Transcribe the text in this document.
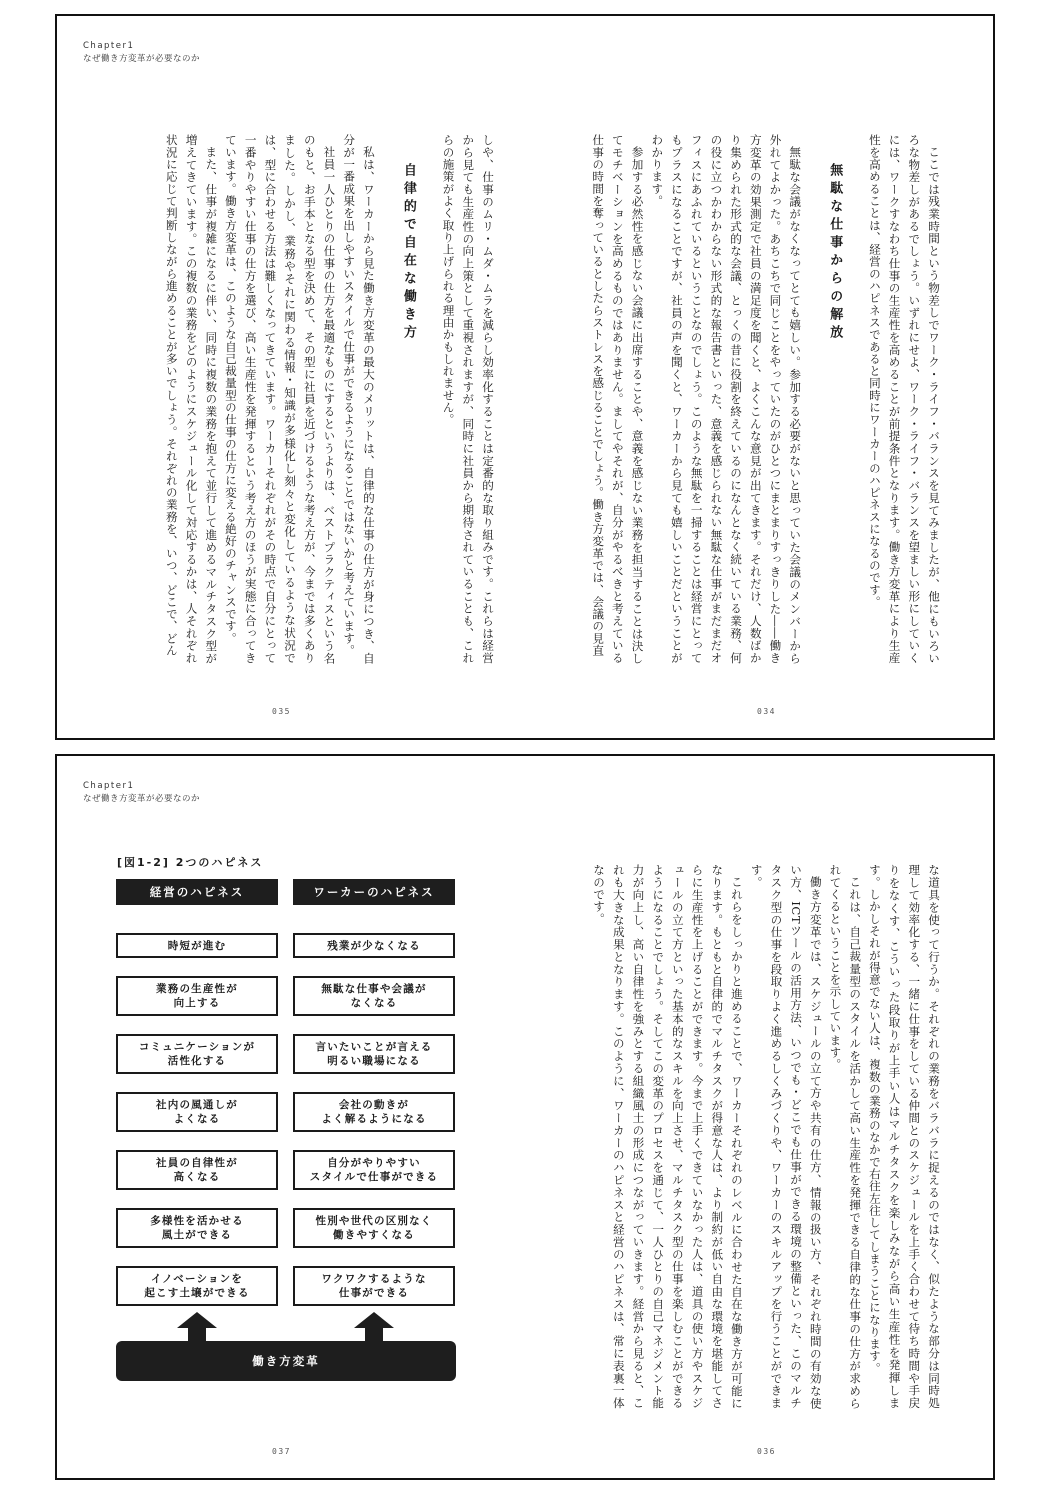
Chapter1
なぜ働き方変革が必要なのか

ここでは残業時間という物差しでワーク・ライフ・バランスを見てみましたが、他にもいろいろな物差しがあるでしょう。いずれにせよ、ワーク・ライフ・バランスを望ましい形にしていくには、ワークすなわち仕事の生産性を高めることが前提条件となります。働き方変革により生産性を高めることは、経営のハピネスであると同時にワーカーのハピネスになるのです。

無駄な仕事からの解放

無駄な会議がなくなってとても嬉しい。参加する必要がないと思っていた会議のメンバーから外れてよかった。あちこちで同じことをやっていたのがひとつにまとまりすっきりした――働き方変革の効果測定で社員の満足度を聞くと、よくこんな意見が出てきます。それだけ、人数ばかり集められた形式的な会議、とっくの昔に役割を終えているのになんとなく続いている業務、何の役に立つかわからない形式的な報告書といった、意義を感じられない無駄な仕事がまだまだオフィスにあふれているということなのでしょう。このような無駄を一掃することは経営にとってもプラスになることですが、社員の声を聞くと、ワーカーから見ても嬉しいことだということがわかります。

参加する必然性を感じない会議に出席することや、意義を感じない業務を担当することは決してモチベーションを高めるものではありません。ましてやそれが、自分がやるべきと考えている仕事の時間を奪っているとしたらストレスを感じることでしょう。働き方変革では、会議の見直

しや、仕事のムリ・ムダ・ムラを減らし効率化することは定番的な取り組みです。これらは経営から見ても生産性の向上策として重視されますが、同時に社員から期待されていることも、これらの施策がよく取り上げられる理由かもしれません。

自律的で自在な働き方

私は、ワーカーから見た働き方変革の最大のメリットは、自律的な仕事の仕方が身につき、自分が一番成果を出しやすいスタイルで仕事ができるようになることではないかと考えています。

社員一人ひとりの仕事の仕方を最適なものにするというよりは、ベストプラクティスという名のもと、お手本となる型を決めて、その型に社員を近づけるような考え方が、今までは多くありました。しかし、業務やそれに関わる情報・知識が多様化し刻々と変化しているような状況では、型に合わせる方法は難しくなってきています。ワーカーそれぞれがその時点で自分にとって一番やりやすい仕事の仕方を選び、高い生産性を発揮するという考え方のほうが実態に合ってきています。働き方変革は、このような自己裁量型の仕事の仕方に変える絶好のチャンスです。

また、仕事が複雑になるに伴い、同時に複数の業務を抱えて並行して進めるマルチタスク型が増えてきています。この複数の業務をどのようにスケジュール化して対応するかは、人それぞれ状況に応じて判断しながら進めることが多いでしょう。それぞれの業務を、いつ、どこで、どん

035	034
Chapter1
なぜ働き方変革が必要なのか

な道具を使って行うか。それぞれの業務をバラバラに捉えるのではなく、似たような部分は同時処理して効率化する、一緒に仕事をしている仲間とのスケジュールを上手く合わせて待ち時間や手戻りをなくす、こういった段取りが上手い人はマルチタスクを楽しみながら高い生産性を発揮します。しかしそれが得意でない人は、複数の業務のなかで右往左往してしまうことになります。

これは、自己裁量型のスタイルを活かして高い生産性を発揮できる自律的な仕事の仕方が求められてくるということを示しています。

働き方変革では、スケジュールの立て方や共有の仕方、情報の扱い方、それぞれ時間の有効な使い方、ICTツールの活用方法、いつでも・どこでも仕事ができる環境の整備といった、このマルチタスク型の仕事を段取りよく進めるしくみづくりや、ワーカーのスキルアップを行うことができます。

これらをしっかりと進めることで、ワーカーそれぞれのレベルに合わせた自在な働き方が可能になります。もともと自律的でマルチタスクが得意な人は、より制約が低い自由な環境を堪能してさらに生産性を上げることができます。今まで上手くできていなかった人は、道具の使い方やスケジュールの立て方といった基本的なスキルを向上させ、マルチタスク型の仕事を楽しむことができるようになることでしょう。そしてこの変革のプロセスを通じて、一人ひとりの自己マネジメント能力が向上し、高い自律性を強みとする組織風土の形成につながっていきます。経営から見ると、これも大きな成果となります。このように、ワーカーのハピネスと経営のハピネスは、常に表裏一体なのです。

[図1-2] 2つのハピネス
経営のハピネス
時短が進む
業務の生産性が
向上する
コミュニケーションが
活性化する
社内の風通しが
よくなる
社員の自律性が
高くなる
多様性を活かせる
風土ができる
イノベーションを
起こす土壌ができる
ワーカーのハピネス
残業が少なくなる
無駄な仕事や会議が
なくなる
言いたいことが言える
明るい職場になる
会社の動きが
よく解るようになる
自分がやりやすい
スタイルで仕事ができる
性別や世代の区別なく
働きやすくなる
ワクワクするような
仕事ができる
働き方変革
037	036
